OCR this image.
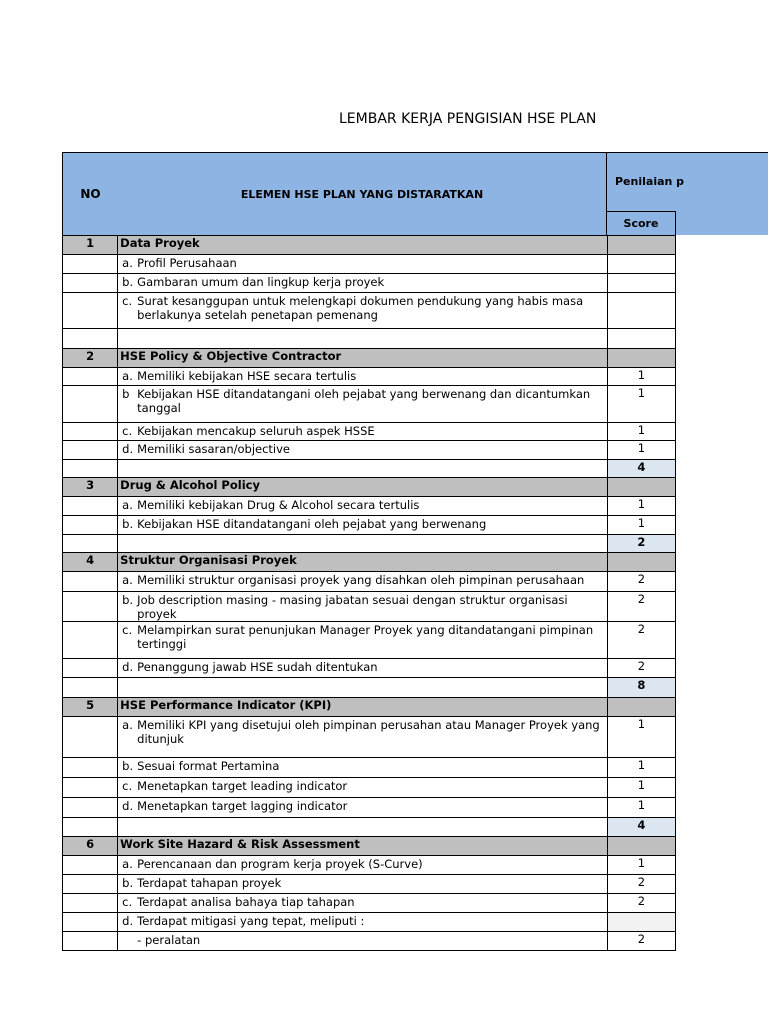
LEMBAR KERJA PENGISIAN HSE PLAN
NO	ELEMEN HSE PLAN YANG DISTARATKAN
Penilaian p
Score
1	Data Proyek	

	a. Profil Perusahaan	

	b. Gambaran umum dan lingkup kerja proyek	

	c. Surat kesanggupan untuk melengkapi dokumen pendukung yang habis masa berlakunya setelah penetapan pemenang	

2	HSE Policy & Objective Contractor	

	a. Memiliki kebijakan HSE secara tertulis	1

	b Kebijakan HSE ditandatangani oleh pejabat yang berwenang dan dicantumkan tanggal	1

	c. Kebijakan mencakup seluruh aspek HSSE	1

	d. Memiliki sasaran/objective	1
		4
3	Drug & Alcohol Policy	

	a. Memiliki kebijakan Drug & Alcohol secara tertulis	1

	b. Kebijakan HSE ditandatangani oleh pejabat yang berwenang	1
		2
4	Struktur Organisasi Proyek	

	a. Memiliki struktur organisasi proyek yang disahkan oleh pimpinan perusahaan	2

	b. Job description masing - masing jabatan sesuai dengan struktur organisasi proyek	2

	c. Melampirkan surat penunjukan Manager Proyek yang ditandatangani pimpinan tertinggi	2

	d. Penanggung jawab HSE sudah ditentukan	2
		8
5	HSE Performance Indicator (KPI)	

	a. Memiliki KPI yang disetujui oleh pimpinan perusahan atau Manager Proyek yang ditunjuk	1

	b. Sesuai format Pertamina	1

	c. Menetapkan target leading indicator	1

	d. Menetapkan target lagging indicator	1
		4
6	Work Site Hazard & Risk Assessment	

	a. Perencanaan dan program kerja proyek (S-Curve)	1

	b. Terdapat tahapan proyek	2

	c. Terdapat analisa bahaya tiap tahapan	2

	d. Terdapat mitigasi yang tepat, meliputi :	

	- peralatan	2
